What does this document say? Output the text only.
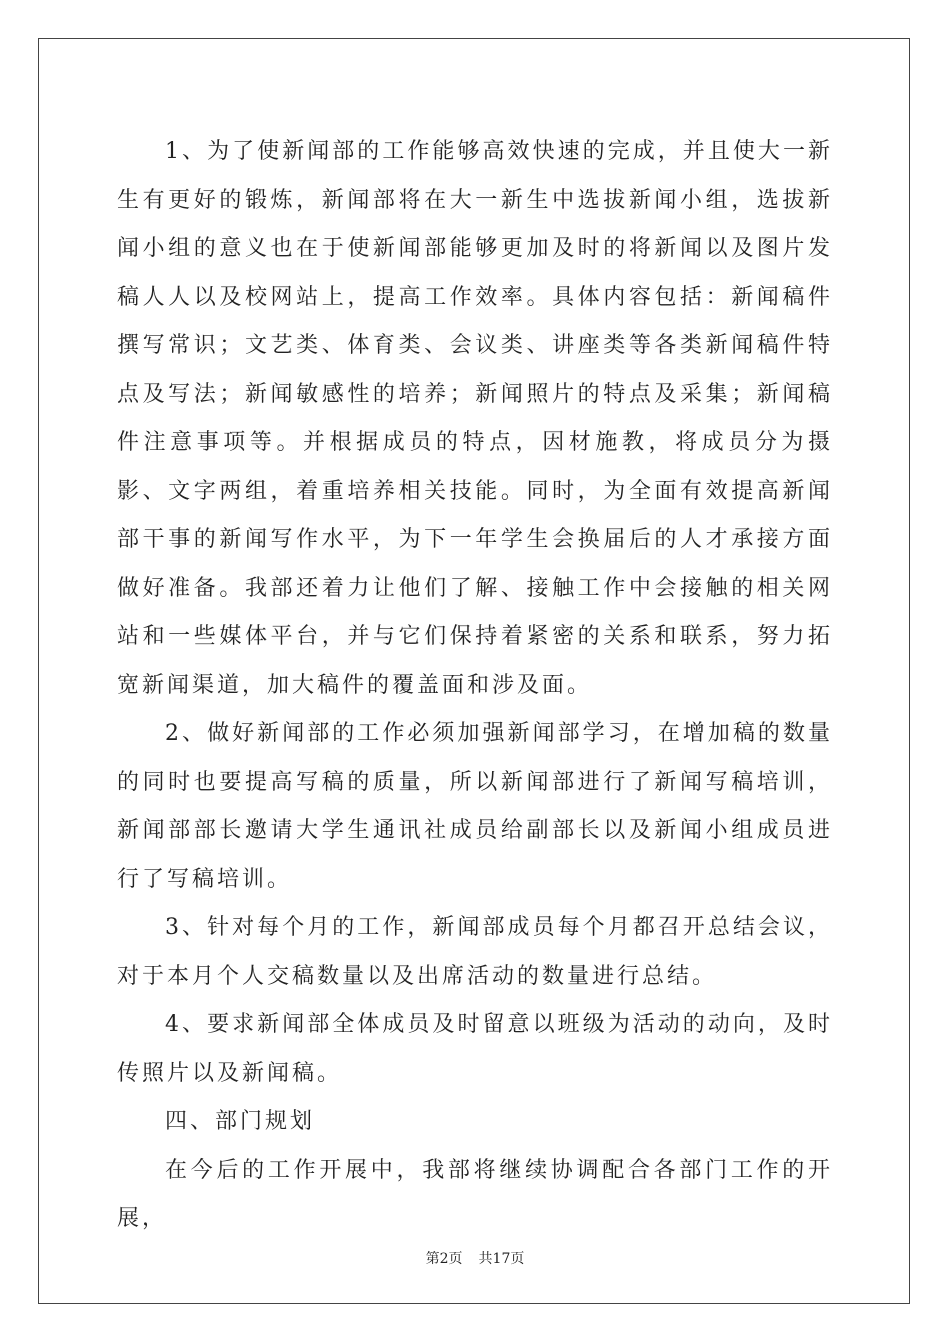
1、为了使新闻部的工作能够高效快速的完成，并且使大一新生有更好的锻炼，新闻部将在大一新生中选拔新闻小组，选拔新闻小组的意义也在于使新闻部能够更加及时的将新闻以及图片发稿人人以及校网站上，提高工作效率。具体内容包括：新闻稿件撰写常识；文艺类、体育类、会议类、讲座类等各类新闻稿件特点及写法；新闻敏感性的培养；新闻照片的特点及采集；新闻稿件注意事项等。并根据成员的特点，因材施教，将成员分为摄影、文字两组，着重培养相关技能。同时，为全面有效提高新闻部干事的新闻写作水平，为下一年学生会换届后的人才承接方面做好准备。我部还着力让他们了解、接触工作中会接触的相关网站和一些媒体平台，并与它们保持着紧密的关系和联系，努力拓宽新闻渠道，加大稿件的覆盖面和涉及面。

2、做好新闻部的工作必须加强新闻部学习，在增加稿的数量的同时也要提高写稿的质量，所以新闻部进行了新闻写稿培训，新闻部部长邀请大学生通讯社成员给副部长以及新闻小组成员进行了写稿培训。

3、针对每个月的工作，新闻部成员每个月都召开总结会议，对于本月个人交稿数量以及出席活动的数量进行总结。

4、要求新闻部全体成员及时留意以班级为活动的动向，及时传照片以及新闻稿。

四、部门规划

在今后的工作开展中，我部将继续协调配合各部门工作的开展，

第2页 共17页
